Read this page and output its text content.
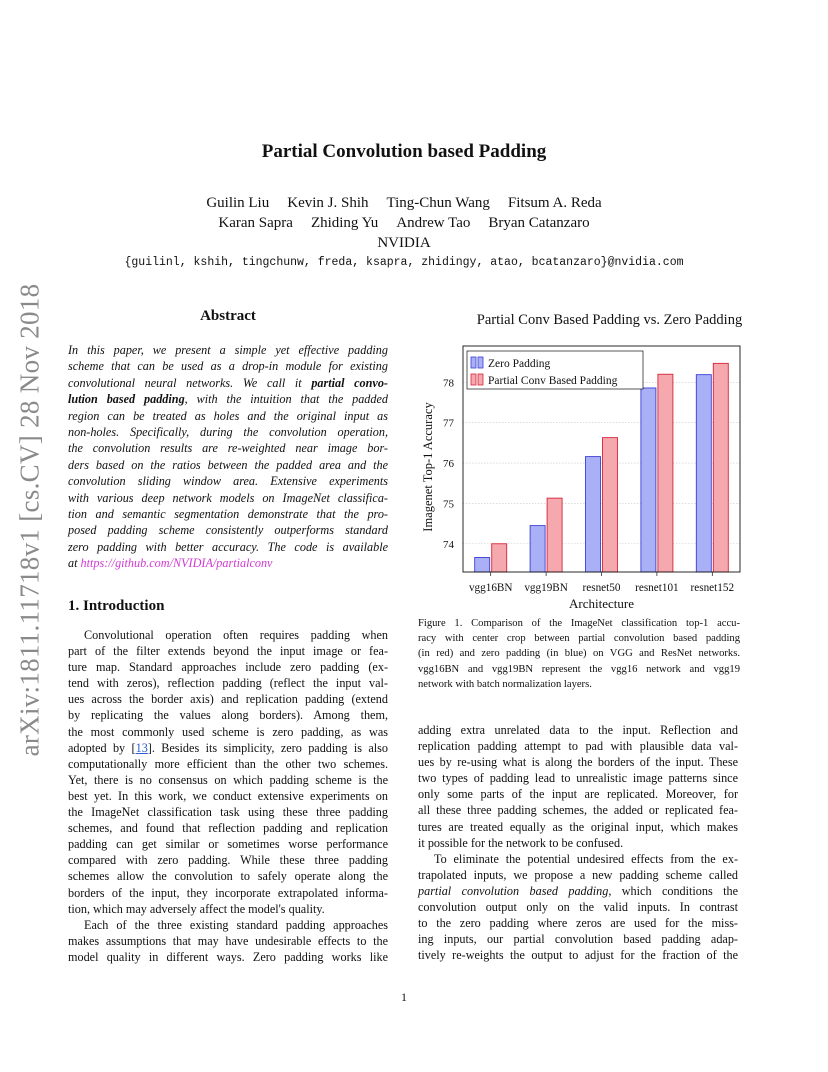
arXiv:1811.11718v1 [cs.CV] 28 Nov 2018
Partial Convolution based Padding
Guilin Liu Kevin J. Shih Ting-Chun Wang Fitsum A. Reda
Karan Sapra Zhiding Yu Andrew Tao Bryan Catanzaro
NVIDIA
{guilinl, kshih, tingchunw, freda, ksapra, zhidingy, atao, bcatanzaro}@nvidia.com
Abstract
In this paper, we present a simple yet effective padding
scheme that can be used as a drop-in module for existing
convolutional neural networks. We call it partial convo-
lution based padding, with the intuition that the padded
region can be treated as holes and the original input as
non-holes. Specifically, during the convolution operation,
the convolution results are re-weighted near image bor-
ders based on the ratios between the padded area and the
convolution sliding window area. Extensive experiments
with various deep network models on ImageNet classifica-
tion and semantic segmentation demonstrate that the pro-
posed padding scheme consistently outperforms standard
zero padding with better accuracy. The code is available
at https://github.com/NVIDIA/partialconv
1. Introduction
Convolutional operation often requires padding when
part of the filter extends beyond the input image or fea-
ture map. Standard approaches include zero padding (ex-
tend with zeros), reflection padding (reflect the input val-
ues across the border axis) and replication padding (extend
by replicating the values along borders). Among them,
the most commonly used scheme is zero padding, as was
adopted by [13]. Besides its simplicity, zero padding is also
computationally more efficient than the other two schemes.
Yet, there is no consensus on which padding scheme is the
best yet. In this work, we conduct extensive experiments on
the ImageNet classification task using these three padding
schemes, and found that reflection padding and replication
padding can get similar or sometimes worse performance
compared with zero padding. While these three padding
schemes allow the convolution to safely operate along the
borders of the input, they incorporate extrapolated informa-
tion, which may adversely affect the model's quality.
Each of the three existing standard padding approaches
makes assumptions that may have undesirable effects to the
model quality in different ways. Zero padding works like
adding extra unrelated data to the input. Reflection and
replication padding attempt to pad with plausible data val-
ues by re-using what is along the borders of the input. These
two types of padding lead to unrealistic image patterns since
only some parts of the input are replicated. Moreover, for
all these three padding schemes, the added or replicated fea-
tures are treated equally as the original input, which makes
it possible for the network to be confused.
To eliminate the potential undesired effects from the ex-
trapolated inputs, we propose a new padding scheme called
partial convolution based padding, which conditions the
convolution output only on the valid inputs. In contrast
to the zero padding where zeros are used for the miss-
ing inputs, our partial convolution based padding adap-
tively re-weights the output to adjust for the fraction of the
Partial Conv Based Padding vs. Zero Padding
74
75
76
77
78
vgg16BN vgg19BN resnet50 resnet101 resnet152
Architecture
Imagenet Top-1 Accuracy
Zero Padding
Partial Conv Based Padding
Figure 1. Comparison of the ImageNet classification top-1 accu-
racy with center crop between partial convolution based padding
(in red) and zero padding (in blue) on VGG and ResNet networks.
vgg16BN and vgg19BN represent the vgg16 network and vgg19
network with batch normalization layers.
1
